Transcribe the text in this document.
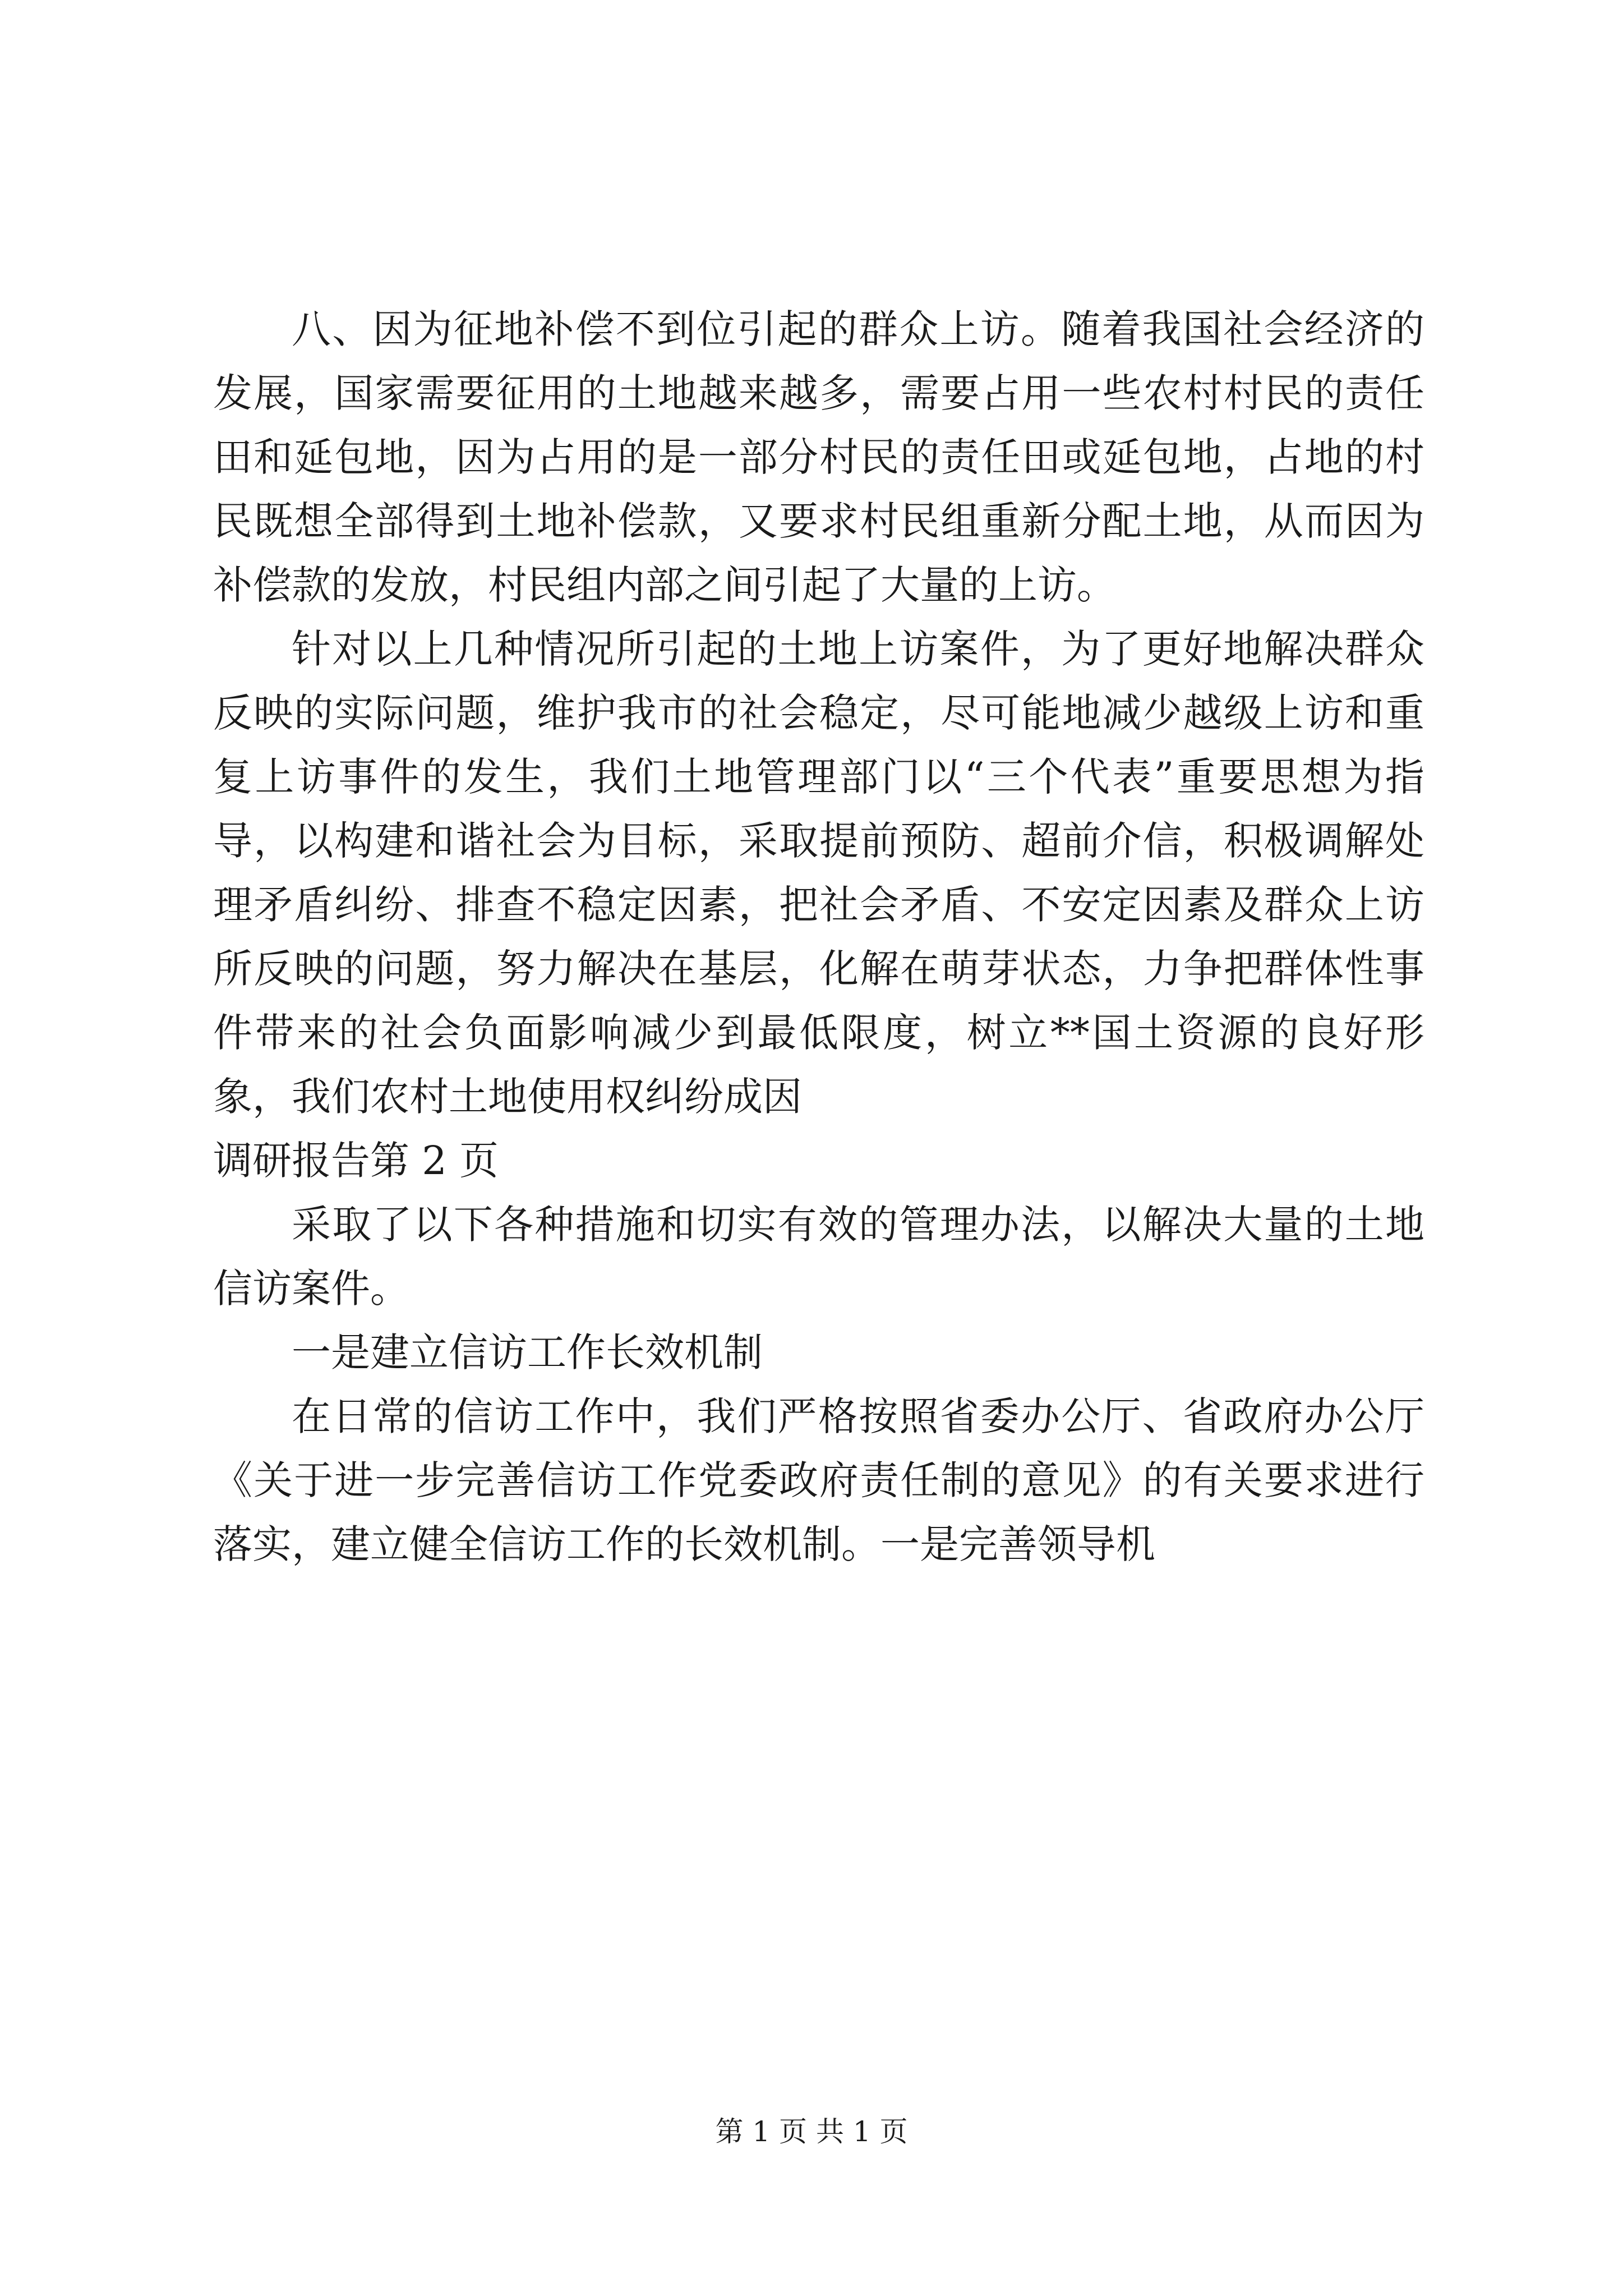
八、因为征地补偿不到位引起的群众上访。随着我国社会经济的发展，国家需要征用的土地越来越多，需要占用一些农村村民的责任田和延包地，因为占用的是一部分村民的责任田或延包地，占地的村民既想全部得到土地补偿款，又要求村民组重新分配土地，从而因为补偿款的发放，村民组内部之间引起了大量的上访。

针对以上几种情况所引起的土地上访案件，为了更好地解决群众反映的实际问题，维护我市的社会稳定，尽可能地减少越级上访和重复上访事件的发生，我们土地管理部门以“三个代表”重要思想为指导，以构建和谐社会为目标，采取提前预防、超前介信，积极调解处理矛盾纠纷、排查不稳定因素，把社会矛盾、不安定因素及群众上访所反映的问题，努力解决在基层，化解在萌芽状态，力争把群体性事件带来的社会负面影响减少到最低限度，树立**国土资源的良好形象，我们农村土地使用权纠纷成因

调研报告第 2 页

采取了以下各种措施和切实有效的管理办法，以解决大量的土地信访案件。

一是建立信访工作长效机制

在日常的信访工作中，我们严格按照省委办公厅、省政府办公厅《关于进一步完善信访工作党委政府责任制的意见》的有关要求进行落实，建立健全信访工作的长效机制。一是完善领导机

第 1 页 共 1 页
